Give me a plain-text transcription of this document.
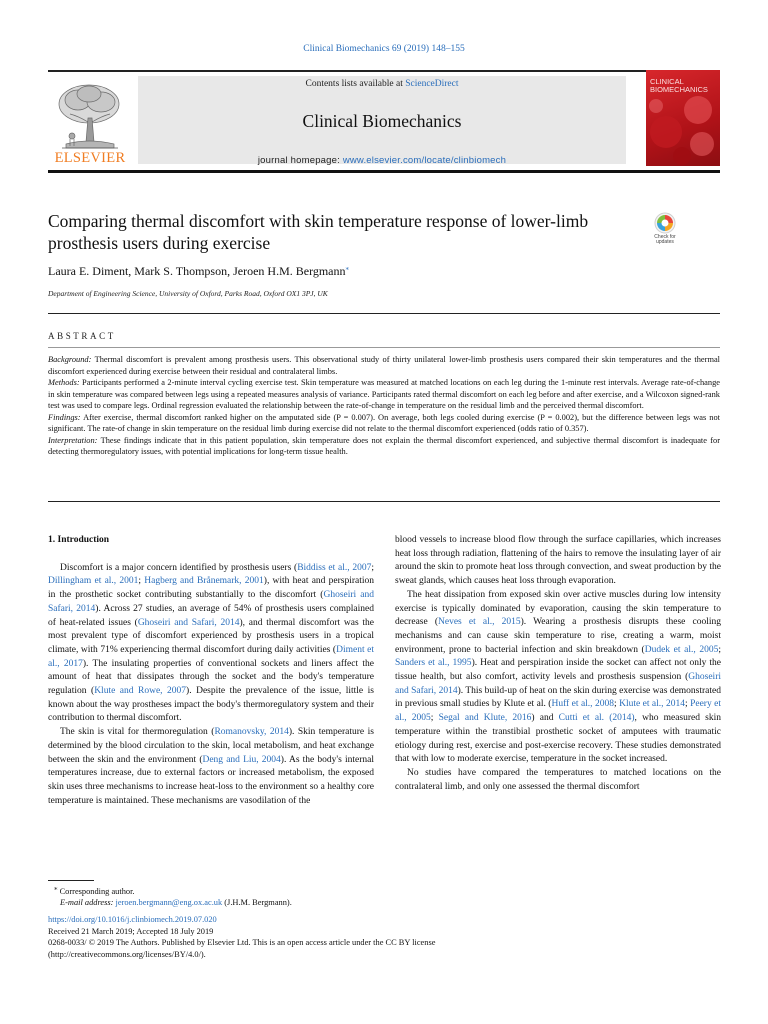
Clinical Biomechanics 69 (2019) 148–155
ELSEVIER
Contents lists available at ScienceDirect
Clinical Biomechanics
journal homepage: www.elsevier.com/locate/clinbiomech
CLINICAL
BIOMECHANICS
Comparing thermal discomfort with skin temperature response of lower-limb prosthesis users during exercise	Check for updates
Laura E. Diment, Mark S. Thompson, Jeroen H.M. Bergmann⁎
Department of Engineering Science, University of Oxford, Parks Road, Oxford OX1 3PJ, UK
ABSTRACT
Background: Thermal discomfort is prevalent among prosthesis users. This observational study of thirty unilateral lower-limb prosthesis users compared their skin temperatures and the thermal discomfort experienced during exercise between their residual and contralateral limbs.
Methods: Participants performed a 2-minute interval cycling exercise test. Skin temperature was measured at matched locations on each leg during the 1-minute rest intervals. Average rate-of-change in skin temperature was compared between legs using a repeated measures analysis of variance. Participants rated thermal discomfort on each leg before and after exercise, and a Wilcoxon signed-rank test was used to compare legs. Ordinal regression evaluated the relationship between the rate-of-change in temperature on the residual limb and the perceived thermal discomfort.
Findings: After exercise, thermal discomfort ranked higher on the amputated side (P = 0.007). On average, both legs cooled during exercise (P = 0.002), but the difference between legs was not significant. The rate-of change in skin temperature on the residual limb during exercise did not relate to the thermal discomfort experienced (odds ratio of 0.357).
Interpretation: These findings indicate that in this patient population, skin temperature does not explain the thermal discomfort experienced, and subjective thermal discomfort is inadequate for detecting thermoregulatory issues, with potential implications for long-term tissue health.
1. Introduction

Discomfort is a major concern identified by prosthesis users (Biddiss et al., 2007; Dillingham et al., 2001; Hagberg and Brånemark, 2001), with heat and perspiration in the prosthetic socket contributing substantially to the discomfort (Ghoseiri and Safari, 2014). Across 27 studies, an average of 54% of prosthesis users complained of heat-related issues (Ghoseiri and Safari, 2014), and thermal discomfort was the most prevalent type of discomfort experienced by prosthesis users in a tropical climate, with 71% experiencing thermal discomfort during daily activities (Diment et al., 2017). The insulating properties of conventional sockets and liners affect the amount of heat that dissipates through the socket and the body's temperature regulation (Klute and Rowe, 2007). Despite the prevalence of the issue, little is known about the way prostheses impact the body's thermoregulatory system and their contribution to thermal discomfort.

The skin is vital for thermoregulation (Romanovsky, 2014). Skin temperature is determined by the blood circulation to the skin, local metabolism, and heat exchange between the skin and the environment (Deng and Liu, 2004). As the body's internal temperatures increase, due to external factors or increased metabolism, the exposed skin uses three mechanisms to increase heat-loss to the environment so a healthy core temperature is maintained. These mechanisms are vasodilation of the

blood vessels to increase blood flow through the surface capillaries, which increases heat loss through radiation, flattening of the hairs to remove the insulating layer of air around the skin to promote heat loss through convection, and sweat production by the sweat glands, which causes heat loss through evaporation.

The heat dissipation from exposed skin over active muscles during low intensity exercise is typically dominated by evaporation, causing the skin temperature to decrease (Neves et al., 2015). Wearing a prosthesis disrupts these cooling mechanisms and can cause skin temperature to rise, creating a warm, moist environment, prone to bacterial infection and skin breakdown (Dudek et al., 2005; Sanders et al., 1995). Heat and perspiration inside the socket can affect not only the tissue health, but also comfort, activity levels and prosthesis suspension (Ghoseiri and Safari, 2014). This build-up of heat on the skin during exercise was demonstrated in previous small studies by Klute et al. (Huff et al., 2008; Klute et al., 2014; Peery et al., 2005; Segal and Klute, 2016) and Cutti et al. (2014), who measured skin temperature within the transtibial prosthetic socket of amputees with traumatic etiology during rest, exercise and post-exercise recovery. These studies demonstrated that with low to moderate exercise, temperature in the socket increased.

No studies have compared the temperatures to matched locations on the contralateral limb, and only one assessed the thermal discomfort

⁎ Corresponding author.
E-mail address: jeroen.bergmann@eng.ox.ac.uk (J.H.M. Bergmann).
https://doi.org/10.1016/j.clinbiomech.2019.07.020
Received 21 March 2019; Accepted 18 July 2019
0268-0033/ © 2019 The Authors. Published by Elsevier Ltd. This is an open access article under the CC BY license
(http://creativecommons.org/licenses/BY/4.0/).
